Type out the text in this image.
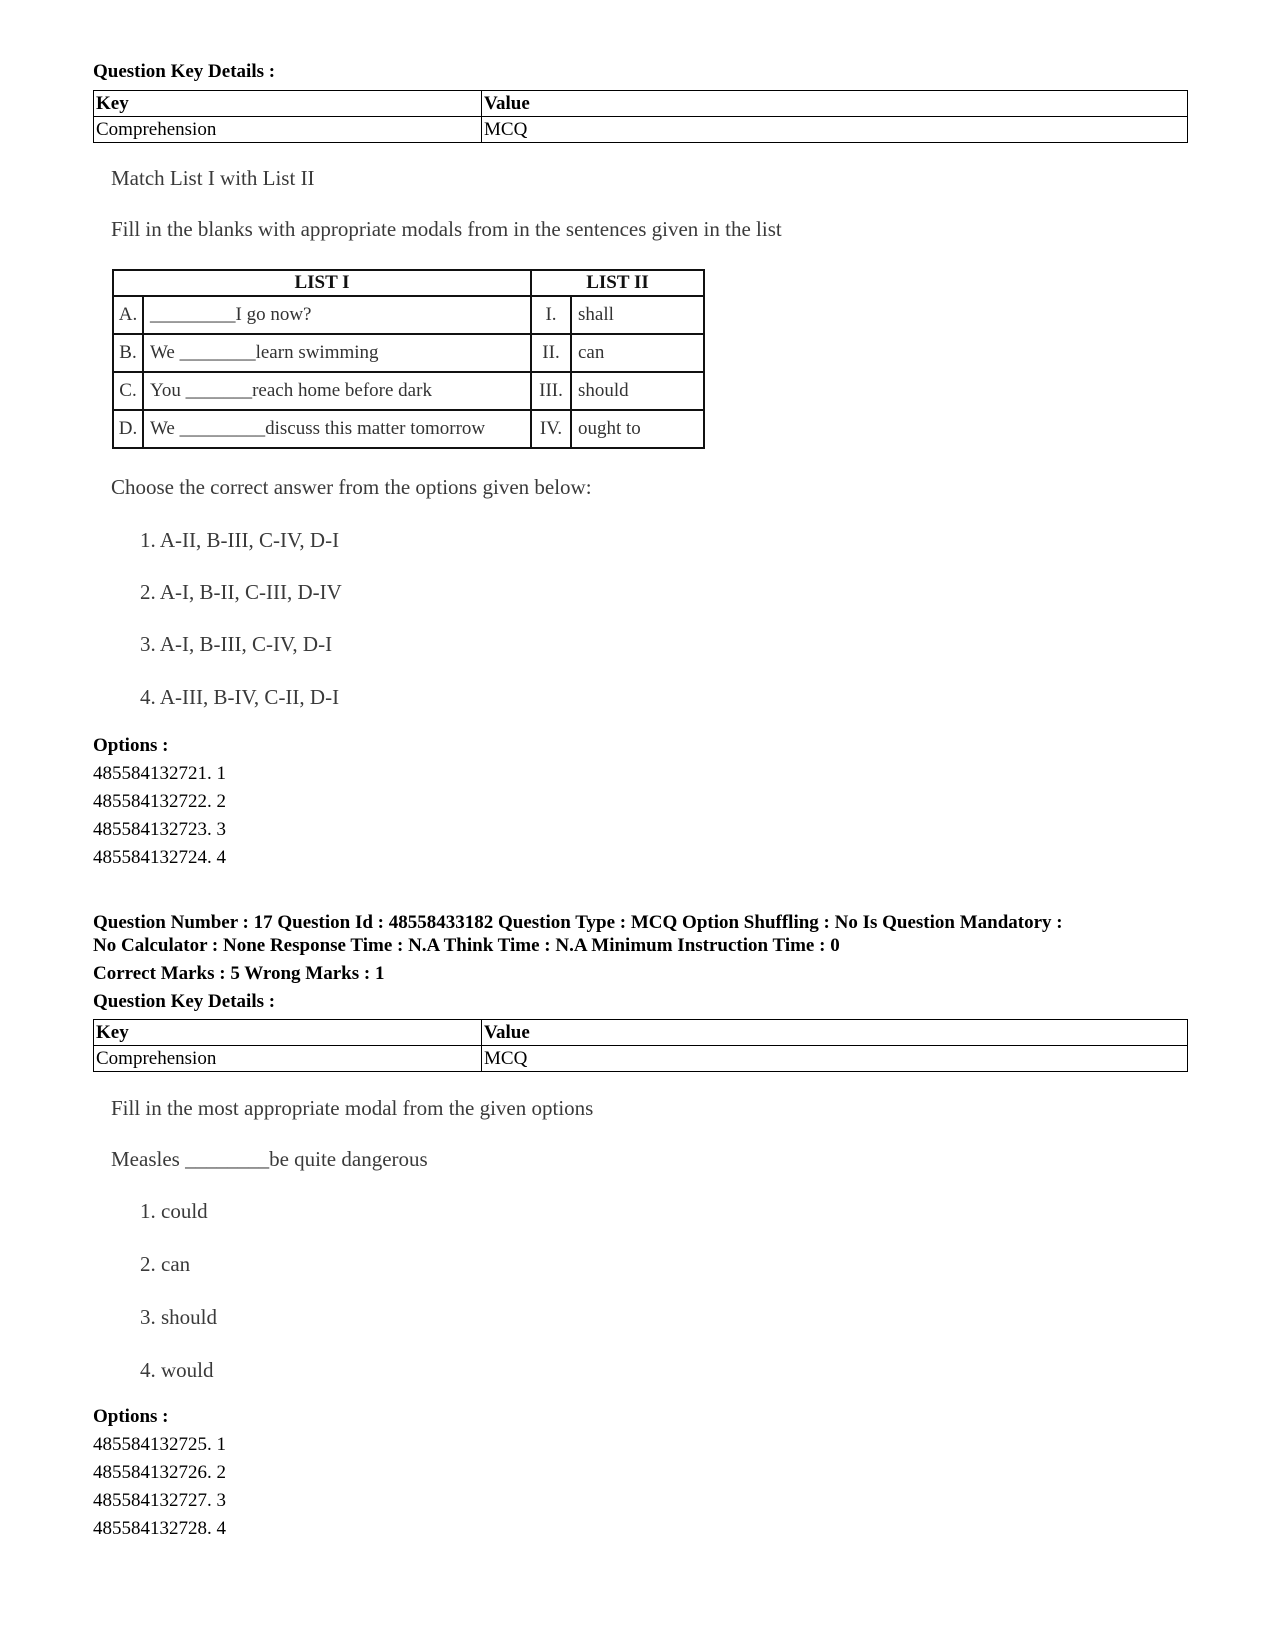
Question Key Details :
Key	Value
Comprehension	MCQ
Match List I with List II
Fill in the blanks with appropriate modals from in the sentences given in the list
LIST I		LIST II	
A.	_________I go now?	I.	shall
B.	We ________learn swimming	II.	can
C.	You _______reach home before dark	III.	should
D.	We _________discuss this matter tomorrow	IV.	ought to
Choose the correct answer from the options given below:
1. A-II, B-III, C-IV, D-I
2. A-I, B-II, C-III, D-IV
3. A-I, B-III, C-IV, D-I
4. A-III, B-IV, C-II, D-I
Options :
485584132721. 1
485584132722. 2
485584132723. 3
485584132724. 4
Question Number : 17 Question Id : 48558433182 Question Type : MCQ Option Shuffling : No Is Question Mandatory :
No Calculator : None Response Time : N.A Think Time : N.A Minimum Instruction Time : 0
Correct Marks : 5 Wrong Marks : 1
Question Key Details :
Key	Value
Comprehension	MCQ
Fill in the most appropriate modal from the given options
Measles ________be quite dangerous
1. could
2. can
3. should
4. would
Options :
485584132725. 1
485584132726. 2
485584132727. 3
485584132728. 4
